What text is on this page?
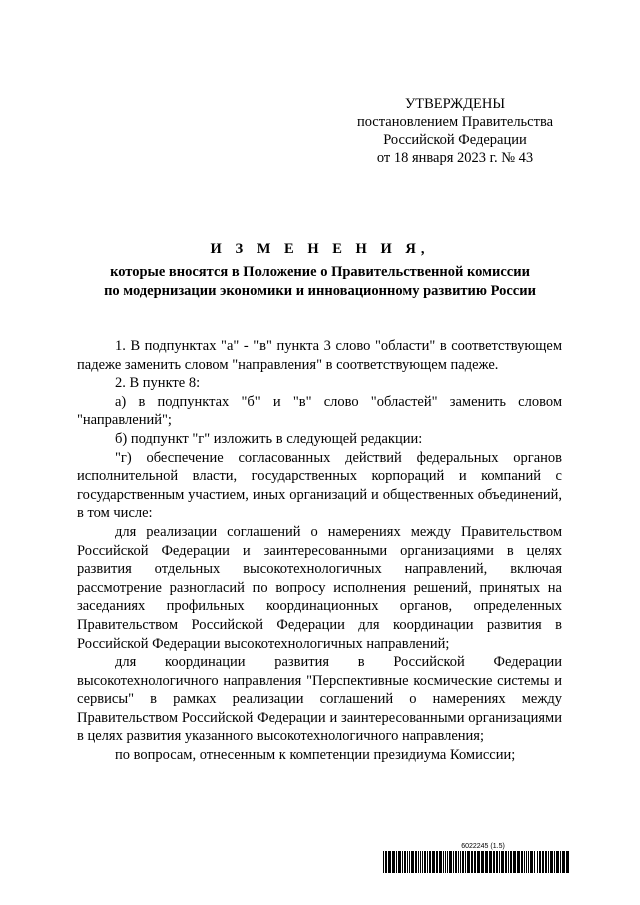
УТВЕРЖДЕНЫ
постановлением Правительства
Российской Федерации
от 18 января 2023 г. № 43
И З М Е Н Е Н И Я,
которые вносятся в Положение о Правительственной комиссии
по модернизации экономики и инновационному развитию России

1. В подпунктах "а" - "в" пункта 3 слово "области" в соответствующем падеже заменить словом "направления" в соответствующем падеже.

2. В пункте 8:

а) в подпунктах "б" и "в" слово "областей" заменить словом "направлений";

б) подпункт "г" изложить в следующей редакции:

"г) обеспечение согласованных действий федеральных органов исполнительной власти, государственных корпораций и компаний с государственным участием, иных организаций и общественных объединений, в том числе:

для реализации соглашений о намерениях между Правительством Российской Федерации и заинтересованными организациями в целях развития отдельных высокотехнологичных направлений, включая рассмотрение разногласий по вопросу исполнения решений, принятых на заседаниях профильных координационных органов, определенных Правительством Российской Федерации для координации развития в Российской Федерации высокотехнологичных направлений;

для координации развития в Российской Федерации высокотехнологичного направления "Перспективные космические системы и сервисы" в рамках реализации соглашений о намерениях между Правительством Российской Федерации и заинтересованными организациями в целях развития указанного высокотехнологичного направления;

по вопросам, отнесенным к компетенции президиума Комиссии;

6022245 (1.5)
